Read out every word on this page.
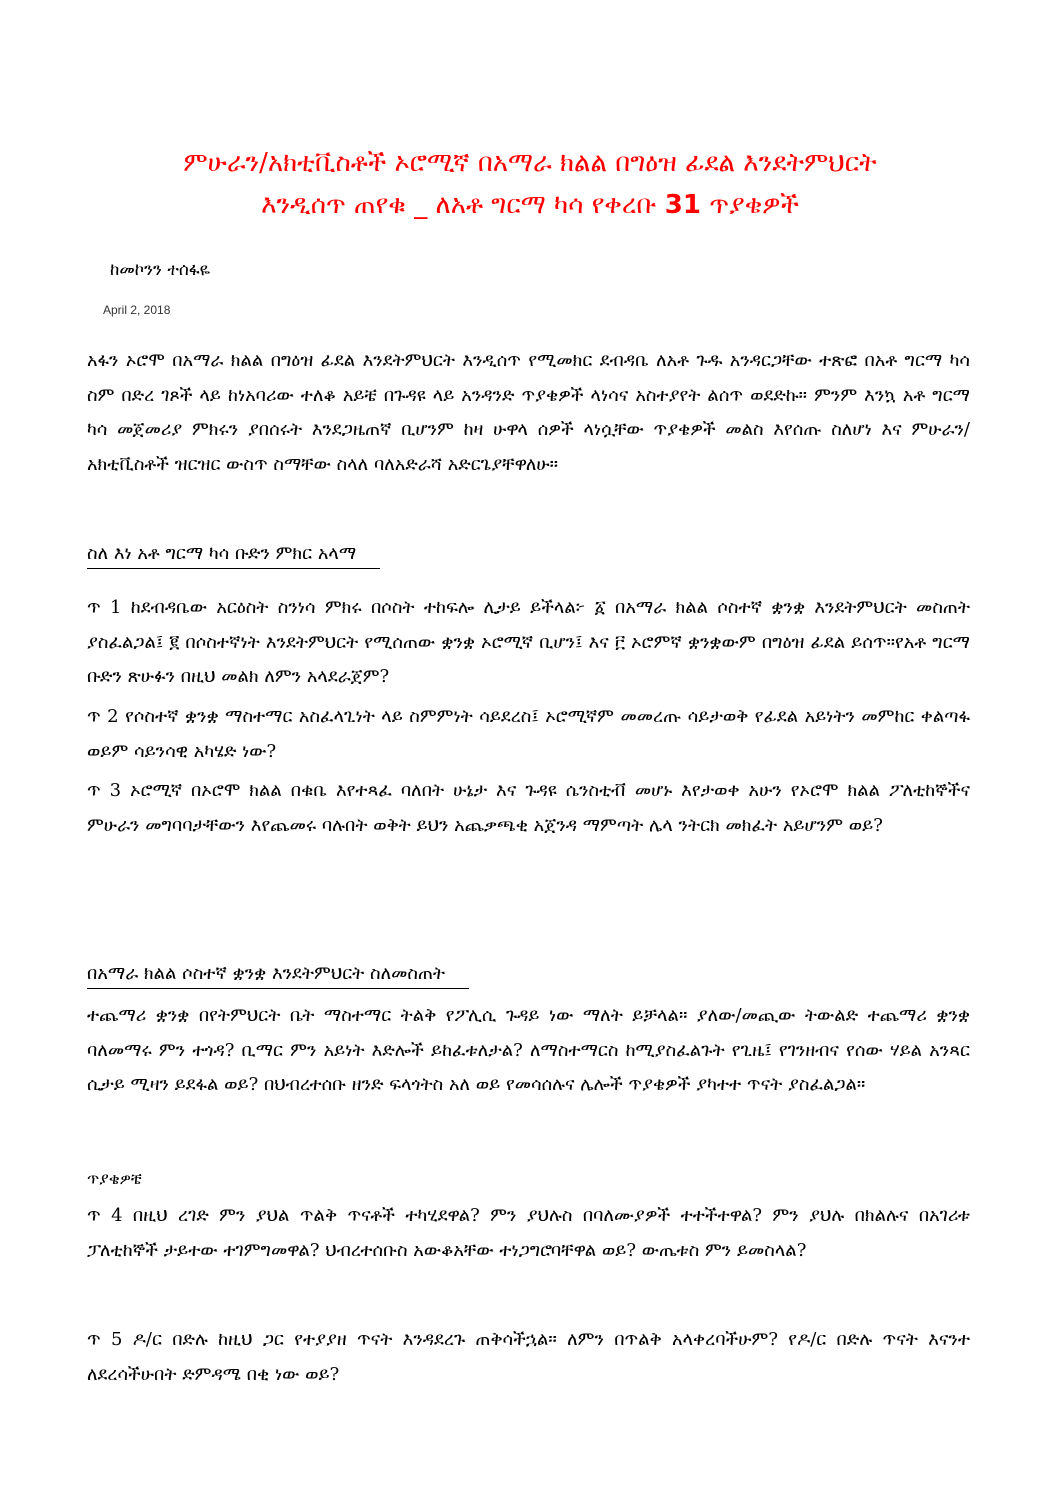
ምሁራን/አክቲቪስቶች ኦሮሚኛ በአማራ ክልል በግዕዝ ፊደል እንደትምህርት
እንዲሰጥ ጠየቁ _ ለአቶ ግርማ ካሳ የቀረቡ 31 ጥያቄዎች

ከመኮንን ተሰፋዬ

April 2, 2018

አፋን ኦሮሞ በአማራ ክልል በግዕዝ ፊደል እንደትምህርት እንዲሰጥ የሚመክር ደብዳቤ ለአቶ ጉዱ አንዳርጋቸው ተጽፎ በአቶ ግርማ ካሳ ስም በድረ ገጾች ላይ ከነአባሪው ተለቆ አይቼ በጉዳዩ ላይ አንዳንድ ጥያቄዎች ላነሳና አስተያየት ልሰጥ ወደድኩ። ምንም እንኳ አቶ ግርማ ካሳ መጀመሪያ ምክሩን ያበሰሩት እንደጋዜጠኛ ቢሆንም ከዛ ሁዋላ ሰዎች ላነሷቸው ጥያቄዎች መልስ እየሰጡ ስለሆነ እና ምሁራን/አክቲቪስቶች ዝርዝር ውስጥ ስማቸው ስላለ ባለአድራሻ አድርጌያቸዋለሁ።

ስለ እነ አቶ ግርማ ካሳ ቡድን ምክር አላማ

ጥ 1 ከደብዳቤው አርዕስት ስንነሳ ምክሩ በሶስት ተከፍሎ ሊታይ ይችላል፦ ፩ በአማራ ክልል ሶስተኛ ቋንቋ እንደትምህርት መስጠት ያስፈልጋል፤ ፪ በሶስተኛነት እንደትምህርት የሚሰጠው ቋንቋ ኦሮሚኛ ቢሆን፤ እና ፫ ኦሮምኛ ቋንቋውም በግዕዝ ፊደል ይሰጥ።የአቶ ግርማ ቡድን ጽሁፉን በዚህ መልክ ለምን አላደራጀም?

ጥ 2 የሶስተኛ ቋንቋ ማስተማር አስፈላጊነት ላይ ስምምነት ሳይደረስ፤ ኦሮሚኛም መመረጡ ሳይታወቅ የፊደል አይነትን መምከር ቀልጣፋ ወይም ሳይንሳዊ አካሄድ ነው?

ጥ 3 ኦሮሚኛ በኦሮሞ ክልል በቁቤ እየተጻፈ ባለበት ሁኔታ እና ጉዳዩ ሴንስቲቭ መሆኑ እየታወቀ አሁን የኦሮሞ ክልል ፖለቲከኞችና ምሁራን መግባባታቸውን እየጨመሩ ባሉበት ወቅት ይህን አጨቃጫቂ አጀንዳ ማምጣት ሌላ ንትርክ መክፈት አይሆንም ወይ?

በአማራ ክልል ሶስተኛ ቋንቋ እንደትምህርት ስለመስጠት

ተጨማሪ ቋንቋ በየትምህርት ቤት ማስተማር ትልቅ የፖሊሲ ጉዳይ ነው ማለት ይቻላል። ያለው/መጪው ትውልድ ተጨማሪ ቋንቋ ባለመማሩ ምን ተጎዳ? ቢማር ምን አይነት እድሎች ይከፈቱለታል? ለማስተማርስ ከሚያስፈልጉት የጊዜ፤ የገንዘብና የሰው ሃይል አንጻር ሲታይ ሚዛን ይደፋል ወይ? በህብረተሰቡ ዘንድ ፍላጎትስ አለ ወይ የመሳሰሉና ሌሎች ጥያቄዎች ያካተተ ጥናት ያስፈልጋል።

ጥያቄዎቼ

ጥ 4 በዚህ ረገድ ምን ያህል ጥልቅ ጥናቶች ተካሂደዋል? ምን ያህሉስ በባለሙያዎች ተተችተዋል? ምን ያህሉ በክልሉና በአገሪቱ ፓለቲከኞች ታይተው ተገምግመዋል? ህብረተሰቡስ አውቆአቸው ተነጋግሮባቸዋል ወይ? ውጤቱስ ምን ይመስላል?

ጥ 5 ዶ/ር በድሉ ከዚህ ጋር የተያያዘ ጥናት እንዳደረጉ ጠቅሳችኋል። ለምን በጥልቅ አላቀረባችሁም? የዶ/ር በድሉ ጥናት እናንተ ለደረሳችሁበት ድምዳሜ በቂ ነው ወይ?
